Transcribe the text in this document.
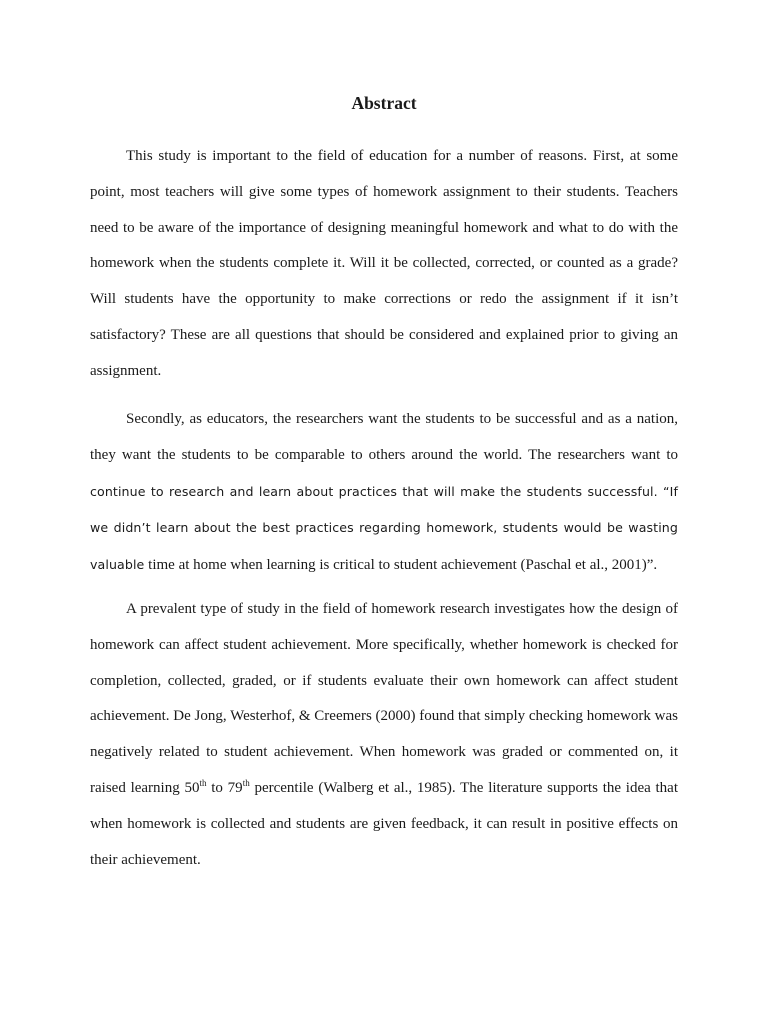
Abstract

This study is important to the field of education for a number of reasons. First, at some point, most teachers will give some types of homework assignment to their students. Teachers need to be aware of the importance of designing meaningful homework and what to do with the homework when the students complete it. Will it be collected, corrected, or counted as a grade? Will students have the opportunity to make corrections or redo the assignment if it isn’t satisfactory? These are all questions that should be considered and explained prior to giving an assignment.

Secondly, as educators, the researchers want the students to be successful and as a nation, they want the students to be comparable to others around the world. The researchers want to continue to research and learn about practices that will make the students successful. “If we didn’t learn about the best practices regarding homework, students would be wasting valuable time at home when learning is critical to student achievement (Paschal et al., 2001)”.

A prevalent type of study in the field of homework research investigates how the design of homework can affect student achievement. More specifically, whether homework is checked for completion, collected, graded, or if students evaluate their own homework can affect student achievement. De Jong, Westerhof, & Creemers (2000) found that simply checking homework was negatively related to student achievement. When homework was graded or commented on, it raised learning 50th to 79th percentile (Walberg et al., 1985). The literature supports the idea that when homework is collected and students are given feedback, it can result in positive effects on their achievement.
